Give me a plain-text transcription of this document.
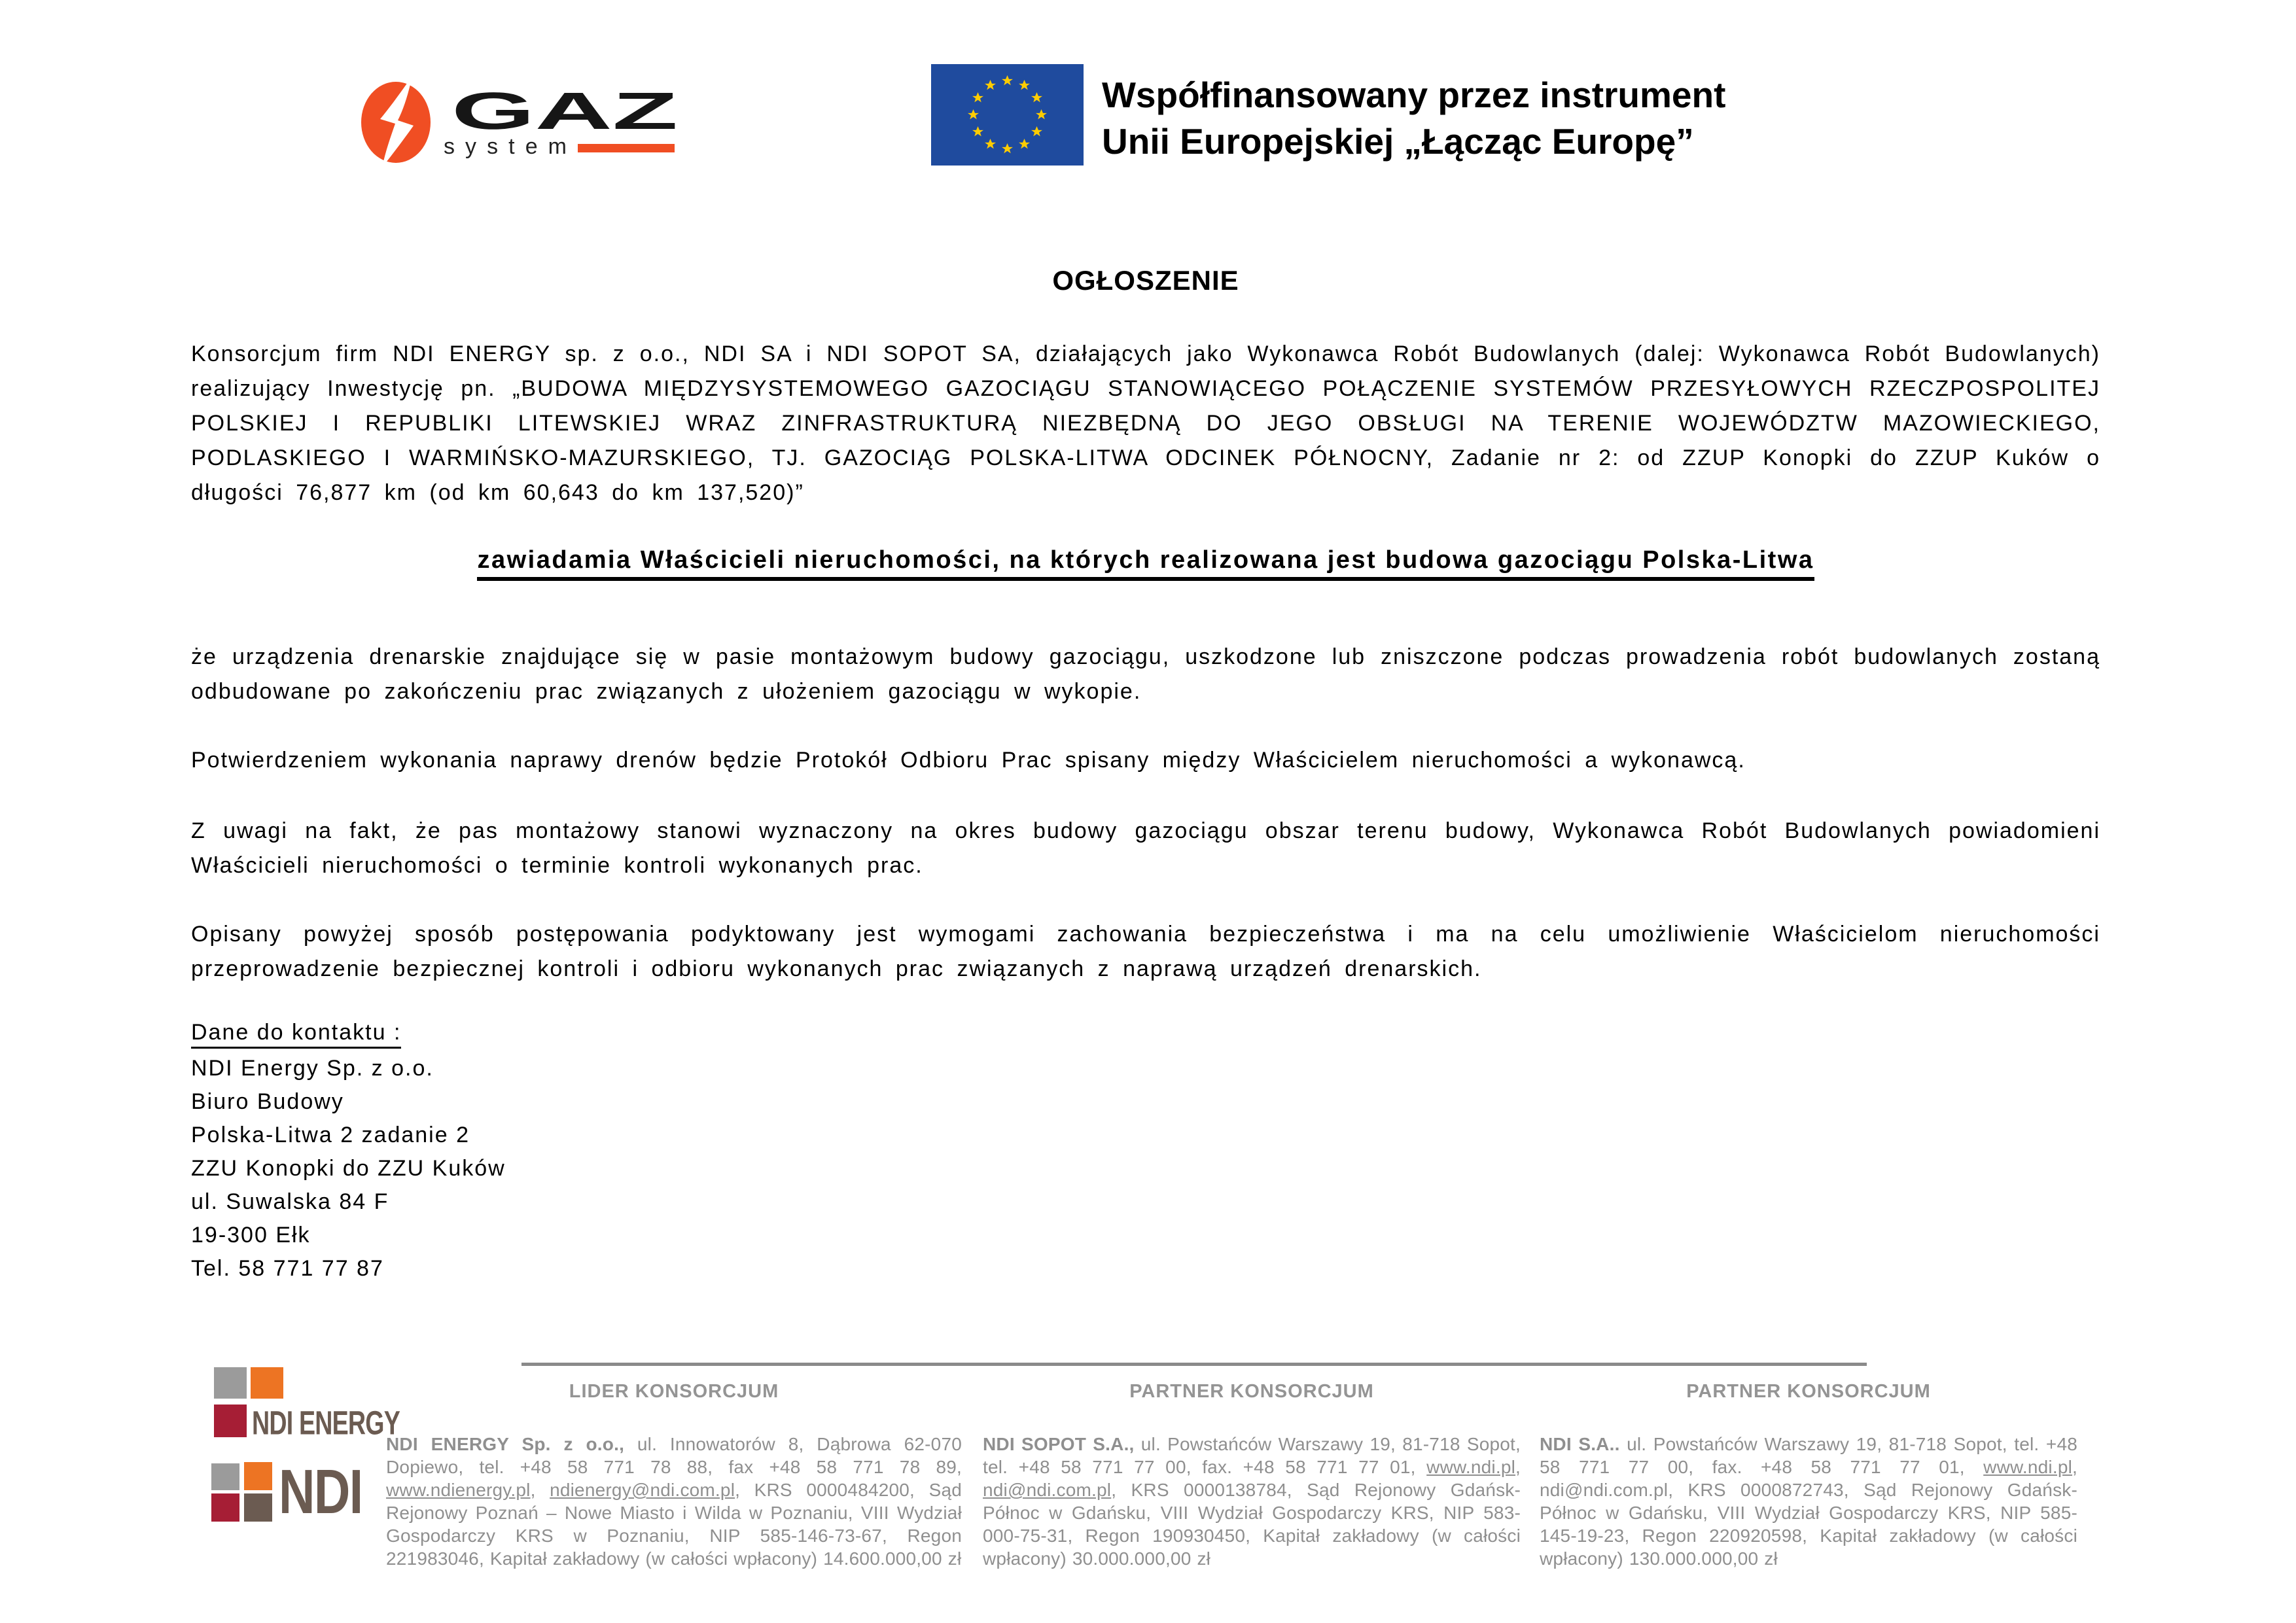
GAZ
system
Współfinansowany przez instrument
Unii Europejskiej „Łącząc Europę”
OGŁOSZENIE

Konsorcjum firm NDI ENERGY sp. z o.o., NDI SA i NDI SOPOT SA, działających jako Wykonawca Robót Budowlanych (dalej: Wykonawca Robót Budowlanych) realizujący Inwestycję pn. „BUDOWA MIĘDZYSYSTEMOWEGO GAZOCIĄGU STANOWIĄCEGO POŁĄCZENIE SYSTEMÓW PRZESYŁOWYCH RZECZPOSPOLITEJ POLSKIEJ I REPUBLIKI LITEWSKIEJ WRAZ ZINFRASTRUKTURĄ NIEZBĘDNĄ DO JEGO OBSŁUGI NA TERENIE WOJEWÓDZTW MAZOWIECKIEGO, PODLASKIEGO I WARMIŃSKO-MAZURSKIEGO, TJ. GAZOCIĄG POLSKA-LITWA ODCINEK PÓŁNOCNY, Zadanie nr 2: od ZZUP Konopki do ZZUP Kuków o długości 76,877 km (od km 60,643 do km 137,520)”

zawiadamia Właścicieli nieruchomości, na których realizowana jest budowa gazociągu Polska-Litwa

że urządzenia drenarskie znajdujące się w pasie montażowym budowy gazociągu, uszkodzone lub zniszczone podczas prowadzenia robót budowlanych zostaną odbudowane po zakończeniu prac związanych z ułożeniem gazociągu w wykopie.

Potwierdzeniem wykonania naprawy drenów będzie Protokół Odbioru Prac spisany między Właścicielem nieruchomości a wykonawcą.

Z uwagi na fakt, że pas montażowy stanowi wyznaczony na okres budowy gazociągu obszar terenu budowy, Wykonawca Robót Budowlanych powiadomieni Właścicieli nieruchomości o terminie kontroli wykonanych prac.

Opisany powyżej sposób postępowania podyktowany jest wymogami zachowania bezpieczeństwa i ma na celu umożliwienie Właścicielom nieruchomości przeprowadzenie bezpiecznej kontroli i odbioru wykonanych prac związanych z naprawą urządzeń drenarskich.

Dane do kontaktu :
NDI Energy Sp. z o.o.
Biuro Budowy
Polska-Litwa 2 zadanie 2
ZZU Konopki do ZZU Kuków
ul. Suwalska 84 F
19-300 Ełk
Tel. 58 771 77 87
NDI ENERGY
NDI
LIDER KONSORCJUM

NDI ENERGY Sp. z o.o., ul. Innowatorów 8, Dąbrowa 62-070 Dopiewo, tel. +48 58 771 78 88, fax +48 58 771 78 89, www.ndienergy.pl, ndienergy@ndi.com.pl, KRS 0000484200, Sąd Rejonowy Poznań – Nowe Miasto i Wilda w Poznaniu, VIII Wydział Gospodarczy KRS w Poznaniu, NIP 585-146-73-67, Regon 221983046, Kapitał zakładowy (w całości wpłacony) 14.600.000,00 zł

PARTNER KONSORCJUM

NDI SOPOT S.A., ul. Powstańców Warszawy 19, 81-718 Sopot, tel. +48 58 771 77 00, fax. +48 58 771 77 01, www.ndi.pl, ndi@ndi.com.pl, KRS 0000138784, Sąd Rejonowy Gdańsk-Północ w Gdańsku, VIII Wydział Gospodarczy KRS, NIP 583-000-75-31, Regon 190930450, Kapitał zakładowy (w całości wpłacony) 30.000.000,00 zł

PARTNER KONSORCJUM

NDI S.A.. ul. Powstańców Warszawy 19, 81-718 Sopot, tel. +48 58 771 77 00, fax. +48 58 771 77 01, www.ndi.pl, ndi@ndi.com.pl, KRS 0000872743, Sąd Rejonowy Gdańsk-Północ w Gdańsku, VIII Wydział Gospodarczy KRS, NIP 585-145-19-23, Regon 220920598, Kapitał zakładowy (w całości wpłacony) 130.000.000,00 zł
